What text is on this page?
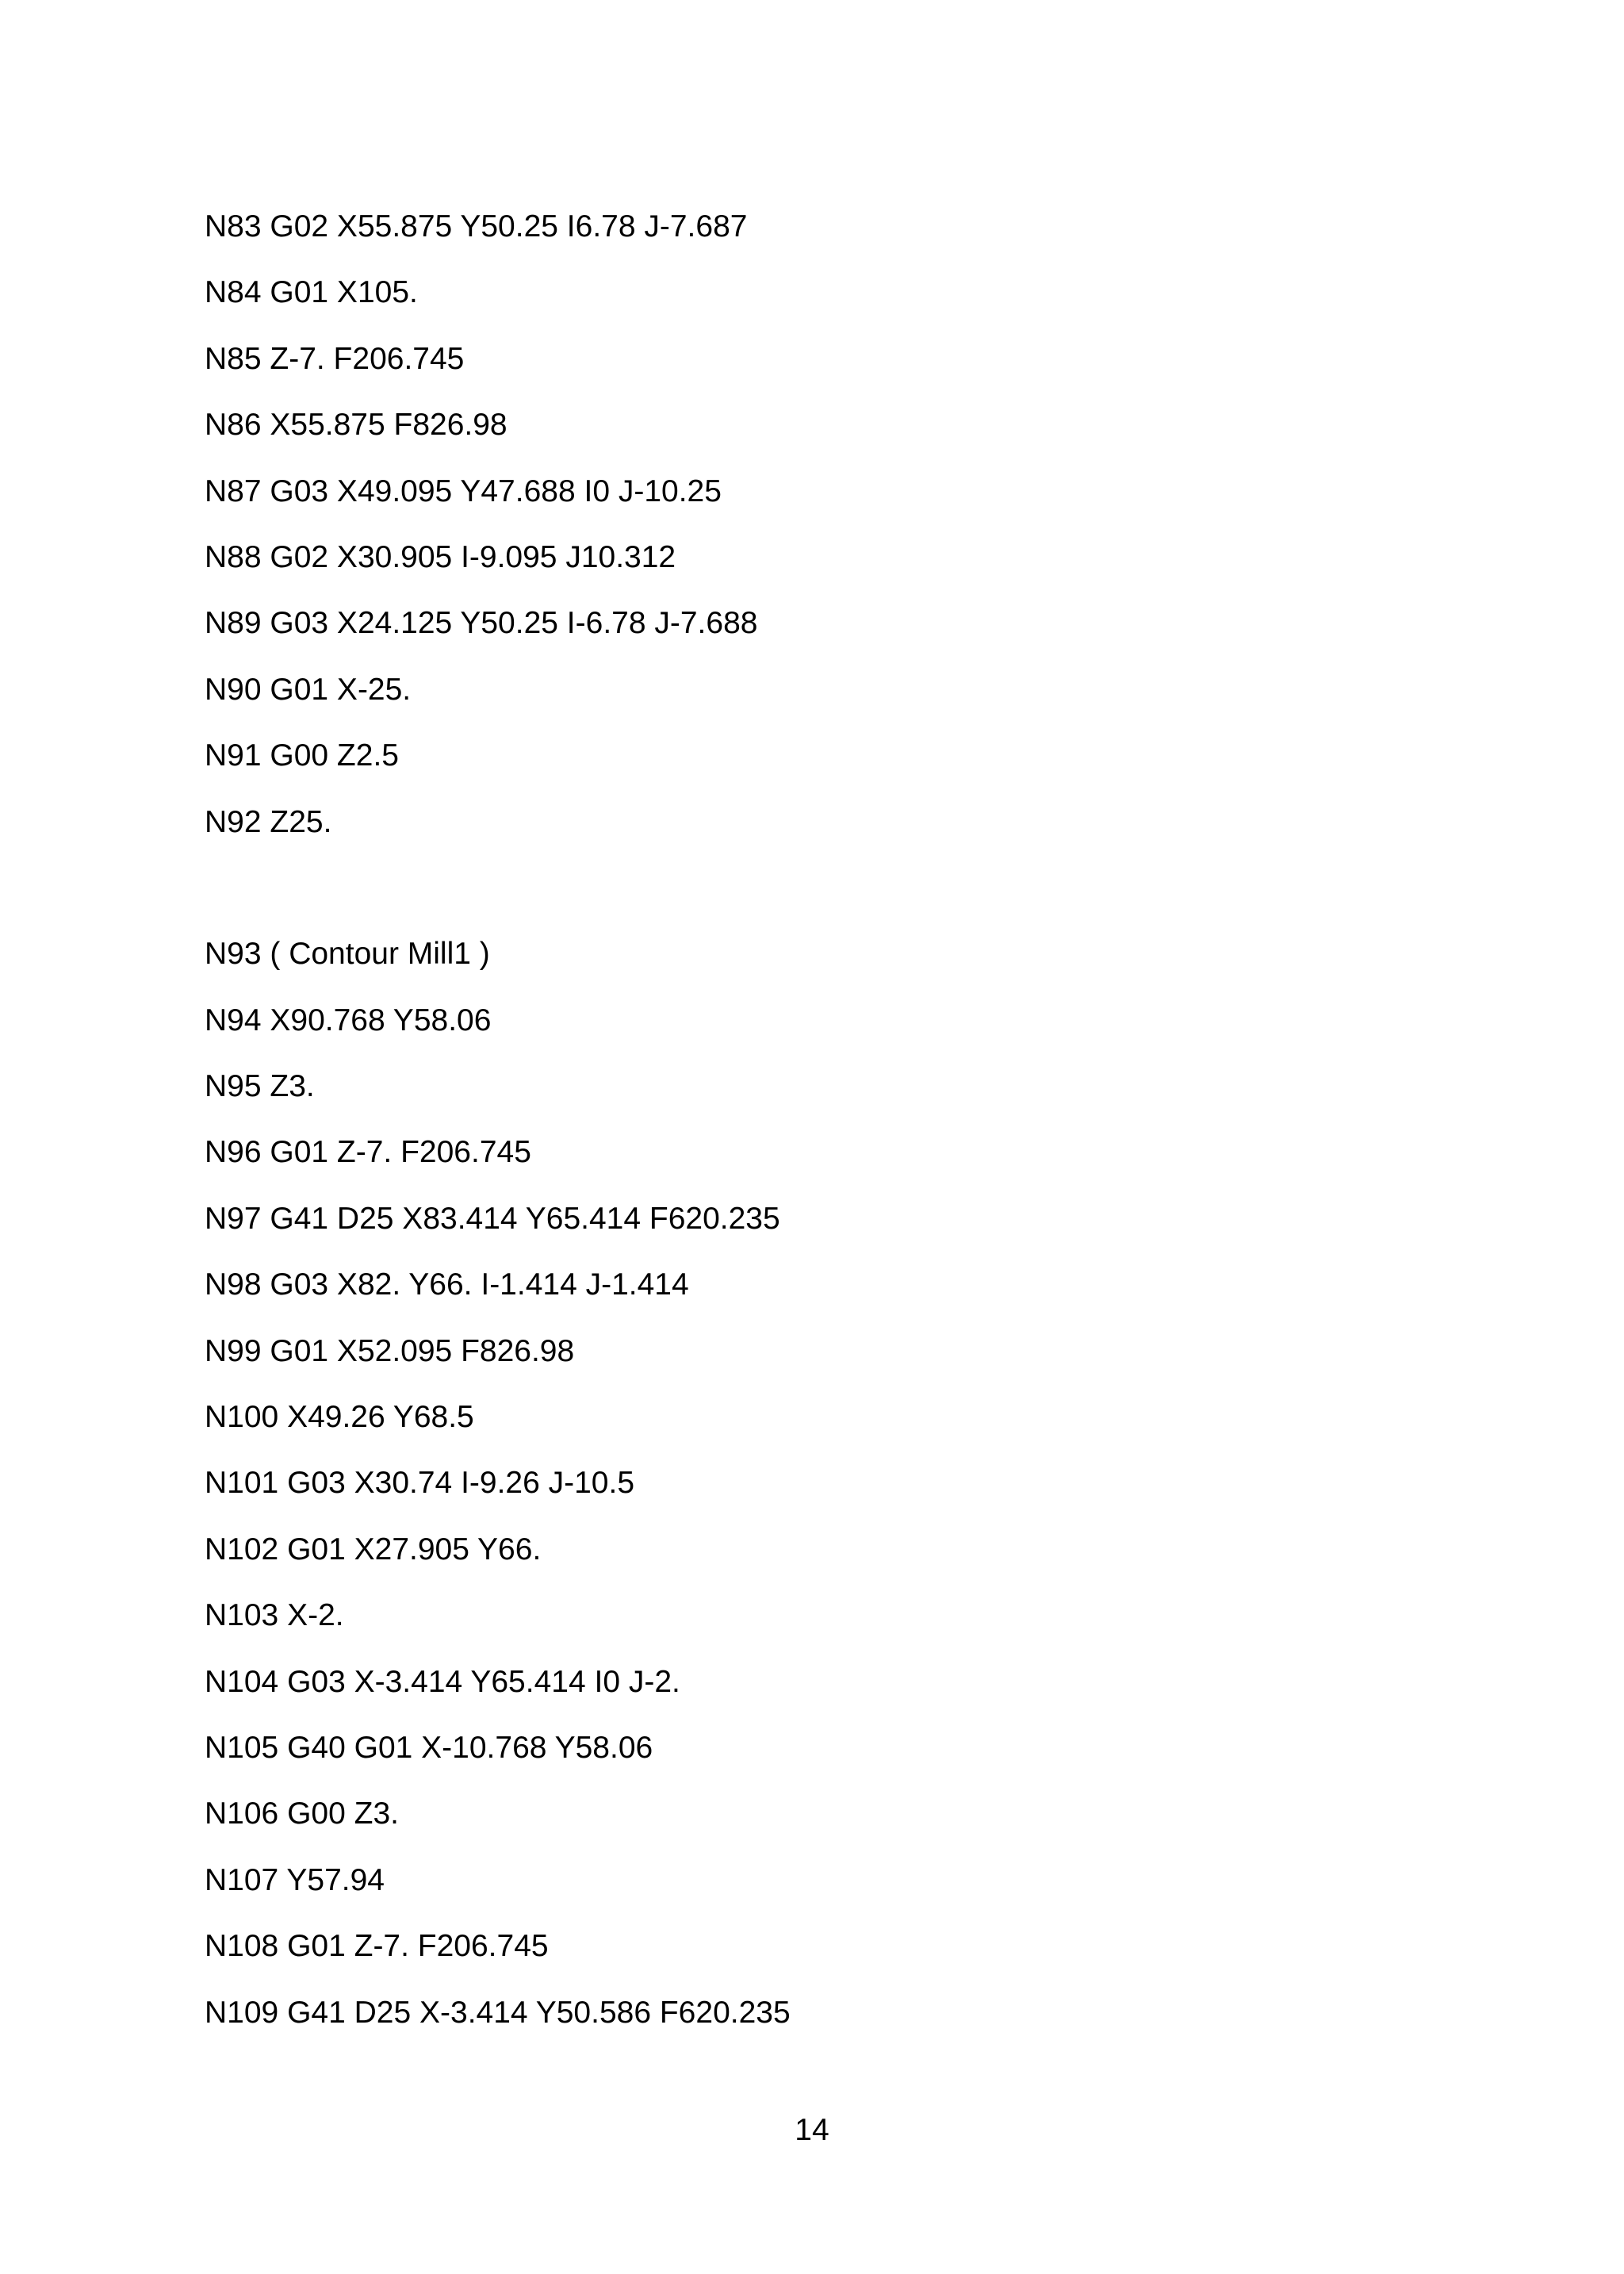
N83 G02 X55.875 Y50.25 I6.78 J-7.687
N84 G01 X105.
N85 Z-7. F206.745
N86 X55.875 F826.98
N87 G03 X49.095 Y47.688 I0 J-10.25
N88 G02 X30.905 I-9.095 J10.312
N89 G03 X24.125 Y50.25 I-6.78 J-7.688
N90 G01 X-25.
N91 G00 Z2.5
N92 Z25.
N93 ( Contour Mill1 )
N94 X90.768 Y58.06
N95 Z3.
N96 G01 Z-7. F206.745
N97 G41 D25 X83.414 Y65.414 F620.235
N98 G03 X82. Y66. I-1.414 J-1.414
N99 G01 X52.095 F826.98
N100 X49.26 Y68.5
N101 G03 X30.74 I-9.26 J-10.5
N102 G01 X27.905 Y66.
N103 X-2.
N104 G03 X-3.414 Y65.414 I0 J-2.
N105 G40 G01 X-10.768 Y58.06
N106 G00 Z3.
N107 Y57.94
N108 G01 Z-7. F206.745
N109 G41 D25 X-3.414 Y50.586 F620.235
14
